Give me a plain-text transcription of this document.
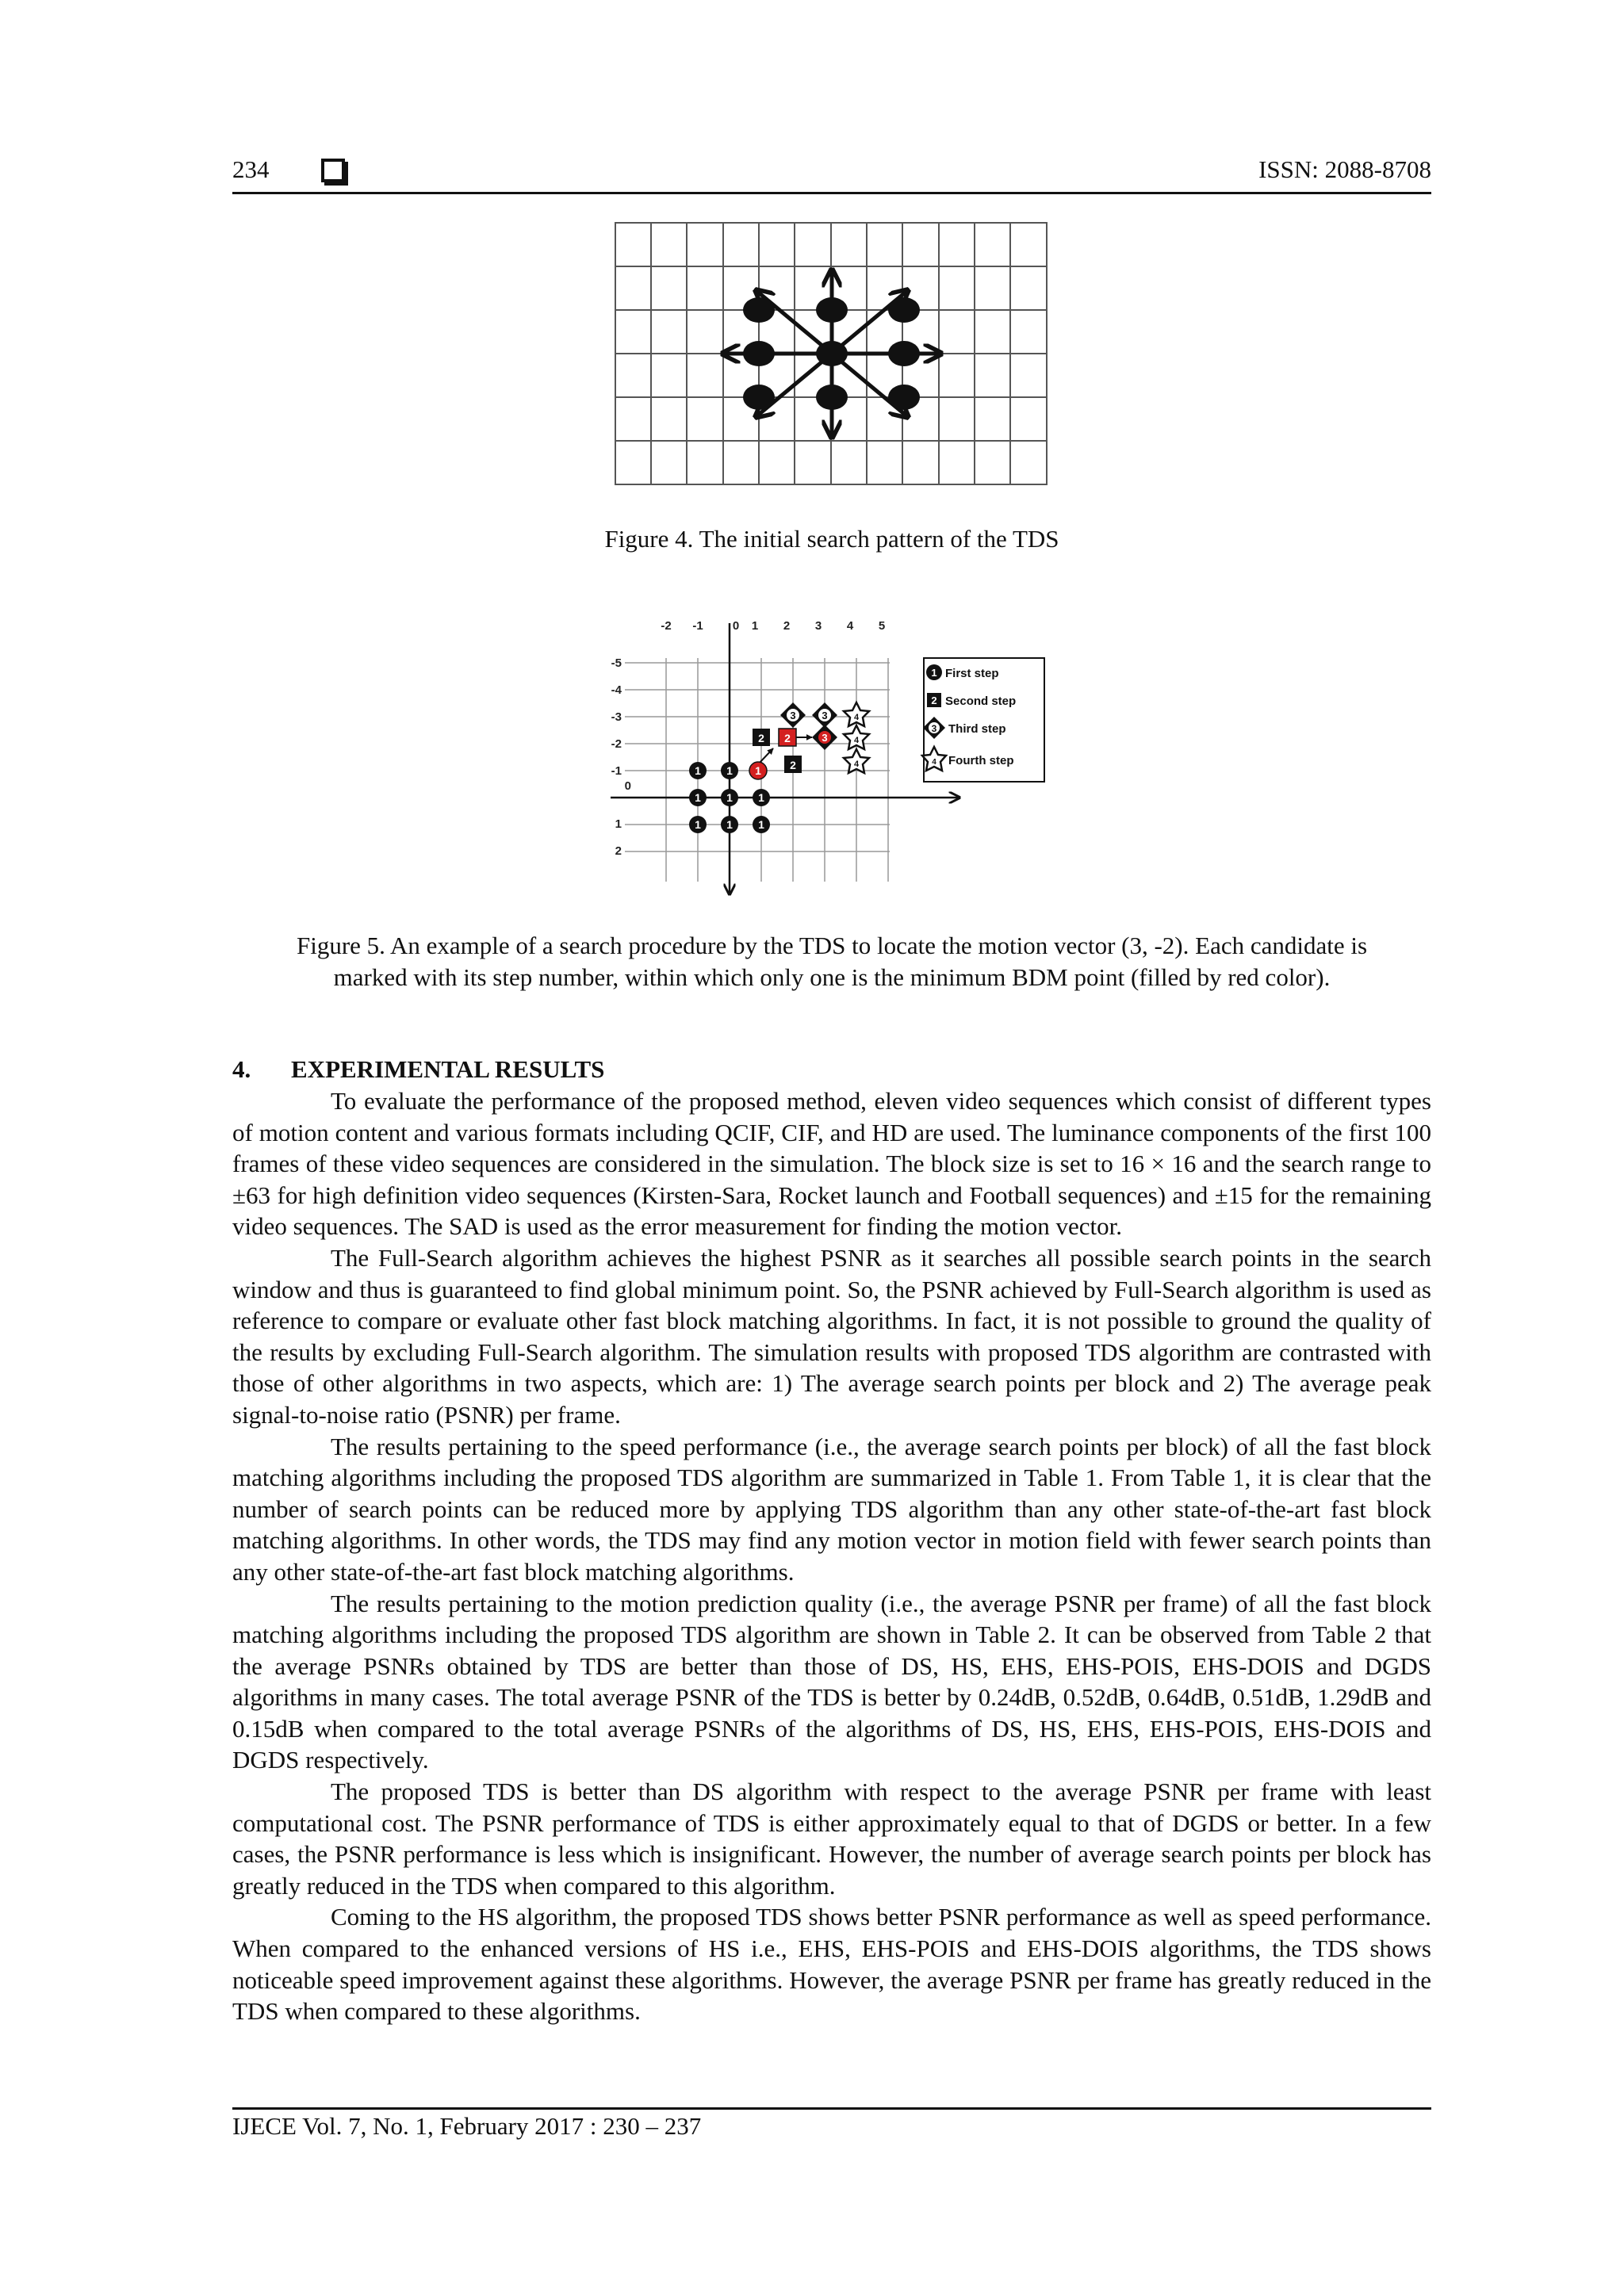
234	ISSN: 2088-8708
Figure 4. The initial search pattern of the TDS
-2 -1 0 1 2 3 4 5
-5
-4
-3
-2
-1
0
1
2
1 1
1 1 1
1 1 1
1
2
2
2
3	3
3
4
4
4
1 First step
2 Second step
3 Third step
4 Fourth step
Figure 5. An example of a search procedure by the TDS to locate the motion vector (3, -2). Each candidate is
marked with its step number, within which only one is the minimum BDM point (filled by red color).
4. EXPERIMENTAL RESULTS

To evaluate the performance of the proposed method, eleven video sequences which consist of different types of motion content and various formats including QCIF, CIF, and HD are used. The luminance components of the first 100 frames of these video sequences are considered in the simulation. The block size is set to 16 × 16 and the search range to ±63 for high definition video sequences (Kirsten-Sara, Rocket launch and Football sequences) and ±15 for the remaining video sequences. The SAD is used as the error measurement for finding the motion vector.

The Full-Search algorithm achieves the highest PSNR as it searches all possible search points in the search window and thus is guaranteed to find global minimum point. So, the PSNR achieved by Full-Search algorithm is used as reference to compare or evaluate other fast block matching algorithms. In fact, it is not possible to ground the quality of the results by excluding Full-Search algorithm. The simulation results with proposed TDS algorithm are contrasted with those of other algorithms in two aspects, which are: 1) The average search points per block and 2) The average peak signal-to-noise ratio (PSNR) per frame.

The results pertaining to the speed performance (i.e., the average search points per block) of all the fast block matching algorithms including the proposed TDS algorithm are summarized in Table 1. From Table 1, it is clear that the number of search points can be reduced more by applying TDS algorithm than any other state-of-the-art fast block matching algorithms. In other words, the TDS may find any motion vector in motion field with fewer search points than any other state-of-the-art fast block matching algorithms.

The results pertaining to the motion prediction quality (i.e., the average PSNR per frame) of all the fast block matching algorithms including the proposed TDS algorithm are shown in Table 2. It can be observed from Table 2 that the average PSNRs obtained by TDS are better than those of DS, HS, EHS, EHS-POIS, EHS-DOIS and DGDS algorithms in many cases. The total average PSNR of the TDS is better by 0.24dB, 0.52dB, 0.64dB, 0.51dB, 1.29dB and 0.15dB when compared to the total average PSNRs of the algorithms of DS, HS, EHS, EHS-POIS, EHS-DOIS and DGDS respectively.

The proposed TDS is better than DS algorithm with respect to the average PSNR per frame with least computational cost. The PSNR performance of TDS is either approximately equal to that of DGDS or better. In a few cases, the PSNR performance is less which is insignificant. However, the number of average search points per block has greatly reduced in the TDS when compared to this algorithm.

Coming to the HS algorithm, the proposed TDS shows better PSNR performance as well as speed performance. When compared to the enhanced versions of HS i.e., EHS, EHS-POIS and EHS-DOIS algorithms, the TDS shows noticeable speed improvement against these algorithms. However, the average PSNR per frame has greatly reduced in the TDS when compared to these algorithms.

IJECE Vol. 7, No. 1, February 2017 : 230 – 237
